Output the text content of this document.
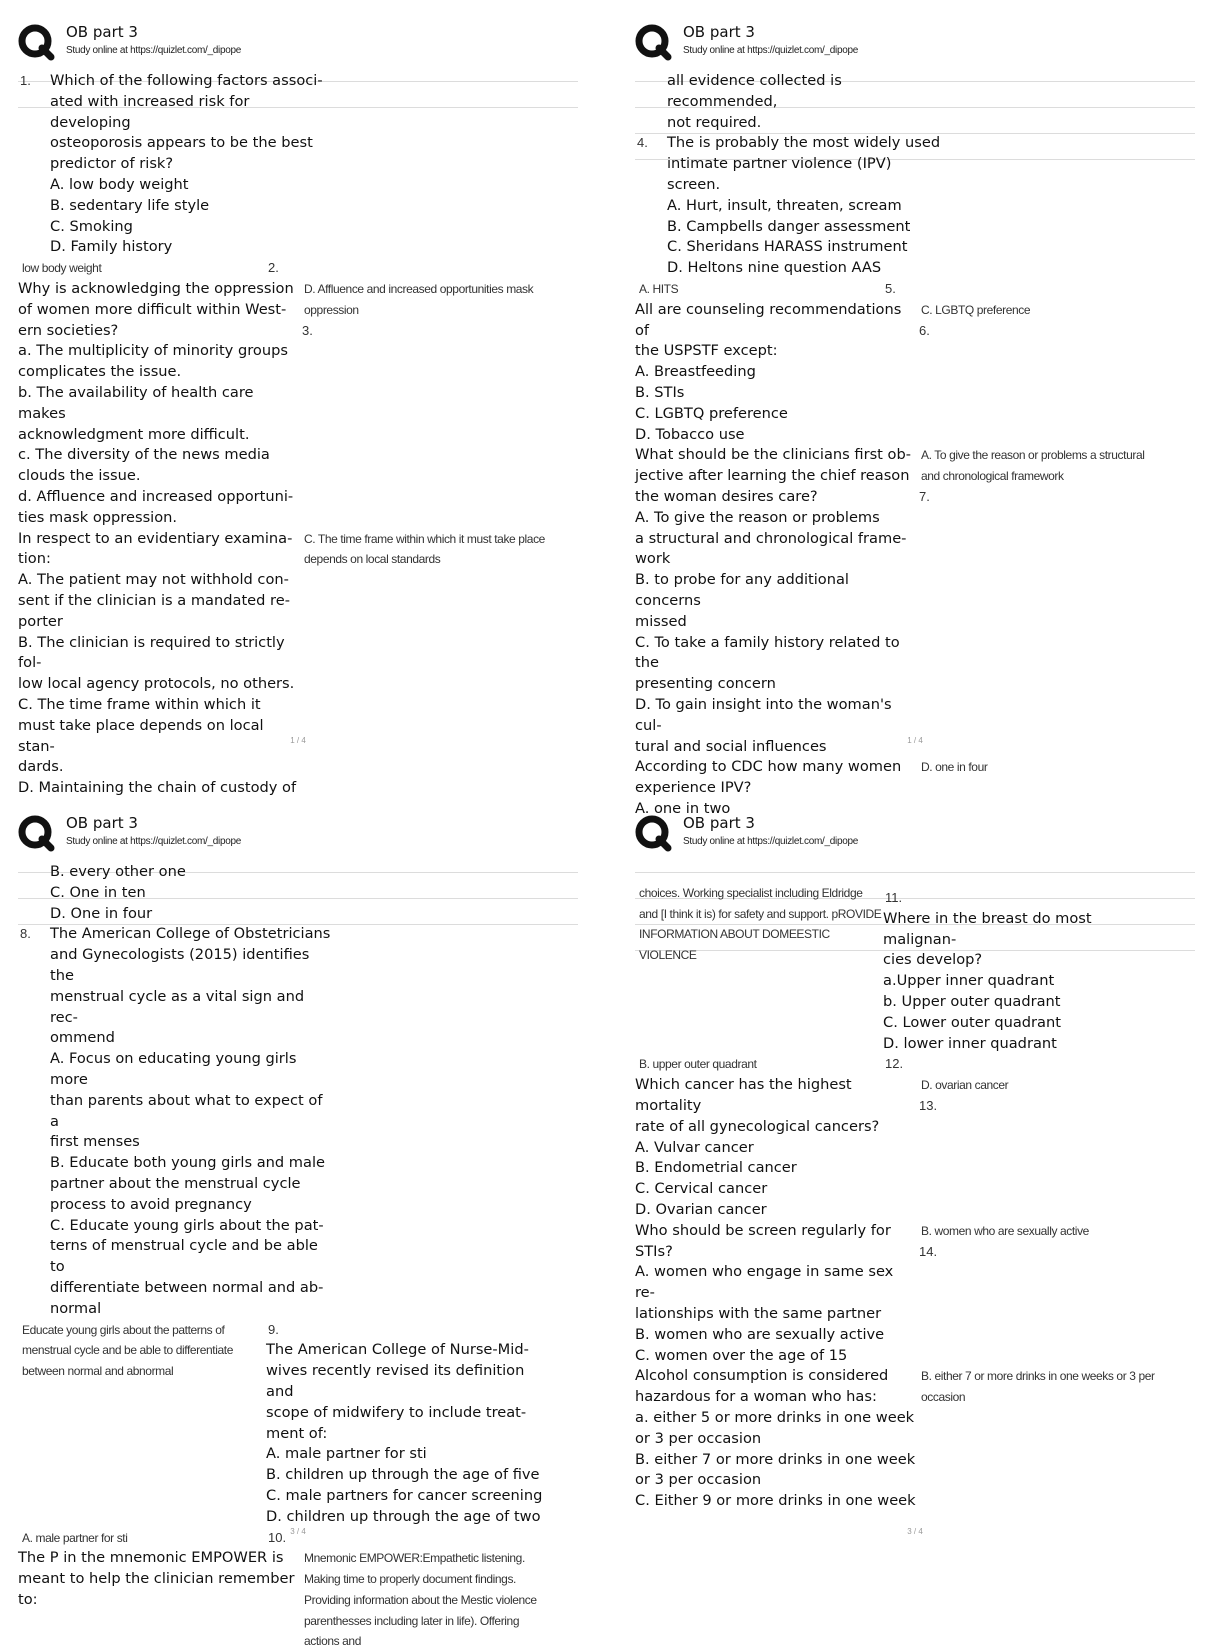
OB part 3
Study online at https://quizlet.com/_dipope
1.	Which of the following factors associ-
ated with increased risk for developing
osteoporosis appears to be the best
predictor of risk?
A. low body weight
B. sedentary life style
C. Smoking
D. Family history
low body weight	2.
Why is acknowledging the oppression
of women more difficult within West-
ern societies?
a. The multiplicity of minority groups
complicates the issue.
b. The availability of health care makes
acknowledgment more difficult.
c. The diversity of the news media
clouds the issue.
d. Affluence and increased opportuni-
ties mask oppression.
D. Affluence and increased opportunities mask oppression
3.
In respect to an evidentiary examina-
tion:
A. The patient may not withhold con-
sent if the clinician is a mandated re-
porter
B. The clinician is required to strictly fol-
low local agency protocols, no others.
C. The time frame within which it
must take place depends on local stan-
dards.
D. Maintaining the chain of custody of
C. The time frame within which it must take place depends on local standards
1 / 4
OB part 3
Study online at https://quizlet.com/_dipope

all evidence collected is recommended,
not required.
4.	The is probably the most widely used
intimate partner violence (IPV) screen.
A. Hurt, insult, threaten, scream
B. Campbells danger assessment
C. Sheridans HARASS instrument
D. Heltons nine question AAS
A. HITS	5.
All are counseling recommendations of
the USPSTF except:
A. Breastfeeding
B. STIs
C. LGBTQ preference
D. Tobacco use
C. LGBTQ preference
6.
What should be the clinicians first ob-
jective after learning the chief reason
the woman desires care?
A. To give the reason or problems
a structural and chronological frame-
work
B. to probe for any additional concerns
missed
C. To take a family history related to the
presenting concern
D. To gain insight into the woman's cul-
tural and social influences
A. To give the reason or problems a structural and chronological framework
7.
According to CDC how many women
experience IPV?
A. one in two
D. one in four
1 / 4
OB part 3
Study online at https://quizlet.com/_dipope

B. every other one
C. One in ten
D. One in four
8.	The American College of Obstetricians
and Gynecologists (2015) identifies the
menstrual cycle as a vital sign and rec-
ommend
A. Focus on educating young girls more
than parents about what to expect of a
first menses
B. Educate both young girls and male
partner about the menstrual cycle
process to avoid pregnancy
C. Educate young girls about the pat-
terns of menstrual cycle and be able to
differentiate between normal and ab-
normal
Educate young girls about the patterns of menstrual cycle and be able to differentiate between normal and abnormal
9.
The American College of Nurse-Mid-
wives recently revised its definition and
scope of midwifery to include treat-
ment of:
A. male partner for sti
B. children up through the age of five
C. male partners for cancer screening
D. children up through the age of two
A. male partner for sti	10.
The P in the mnemonic EMPOWER is
meant to help the clinician remember
to:
Mnemonic EMPOWER:Empathetic listening. Making time to properly document findings. Providing information about the Mestic violence parenthesses including later in life). Offering actions and
3 / 4
OB part 3
Study online at https://quizlet.com/_dipope

choices. Working specialist including Eldridge and [I think it is) for safety and support. pROVIDE INFORMATION ABOUT DOMEESTIC VIOLENCE
11.
Where in the breast do most malignan-
cies develop?
a.Upper inner quadrant
b. Upper outer quadrant
C. Lower outer quadrant
D. lower inner quadrant
B. upper outer quadrant	12.
Which cancer has the highest mortality
rate of all gynecological cancers?
A. Vulvar cancer
B. Endometrial cancer
C. Cervical cancer
D. Ovarian cancer
D. ovarian cancer
13.
Who should be screen regularly for
STIs?
A. women who engage in same sex re-
lationships with the same partner
B. women who are sexually active
C. women over the age of 15
B. women who are sexually active
14.
Alcohol consumption is considered
hazardous for a woman who has:
a. either 5 or more drinks in one week
or 3 per occasion
B. either 7 or more drinks in one week
or 3 per occasion
C. Either 9 or more drinks in one week
B. either 7 or more drinks in one weeks or 3 per occasion
3 / 4
